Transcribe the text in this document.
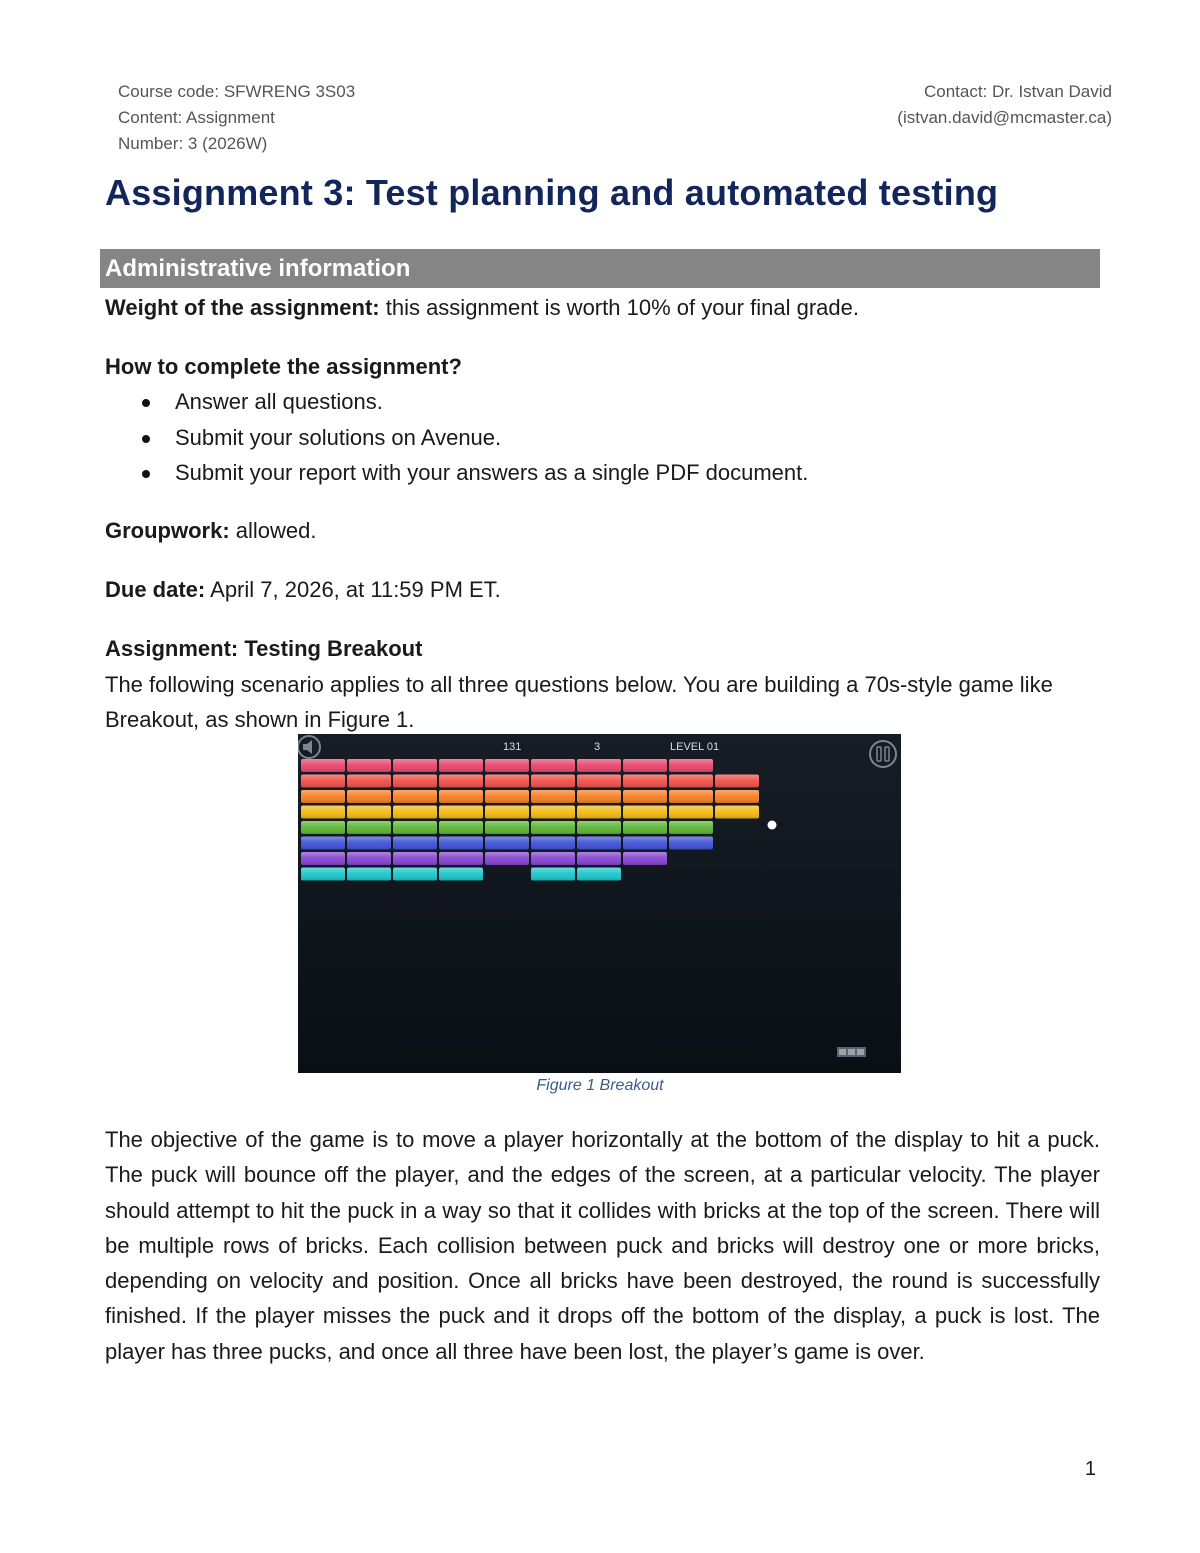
Course code: SFWRENG 3S03
Content: Assignment
Number: 3 (2026W)
Contact: Dr. Istvan David
(istvan.david@mcmaster.ca)
Assignment 3: Test planning and automated testing
Administrative information

Weight of the assignment: this assignment is worth 10% of your final grade.

How to complete the assignment?

Answer all questions.
Submit your solutions on Avenue.
Submit your report with your answers as a single PDF document.

Groupwork: allowed.

Due date: April 7, 2026, at 11:59 PM ET.

Assignment: Testing Breakout

The following scenario applies to all three questions below. You are building a 70s-style game like Breakout, as shown in Figure 1.

131	3	LEVEL 01
Figure 1 Breakout

The objective of the game is to move a player horizontally at the bottom of the display to hit a puck. The puck will bounce off the player, and the edges of the screen, at a particular velocity. The player should attempt to hit the puck in a way so that it collides with bricks at the top of the screen. There will be multiple rows of bricks. Each collision between puck and bricks will destroy one or more bricks, depending on velocity and position. Once all bricks have been destroyed, the round is successfully finished. If the player misses the puck and it drops off the bottom of the display, a puck is lost. The player has three pucks, and once all three have been lost, the player’s game is over.

1
